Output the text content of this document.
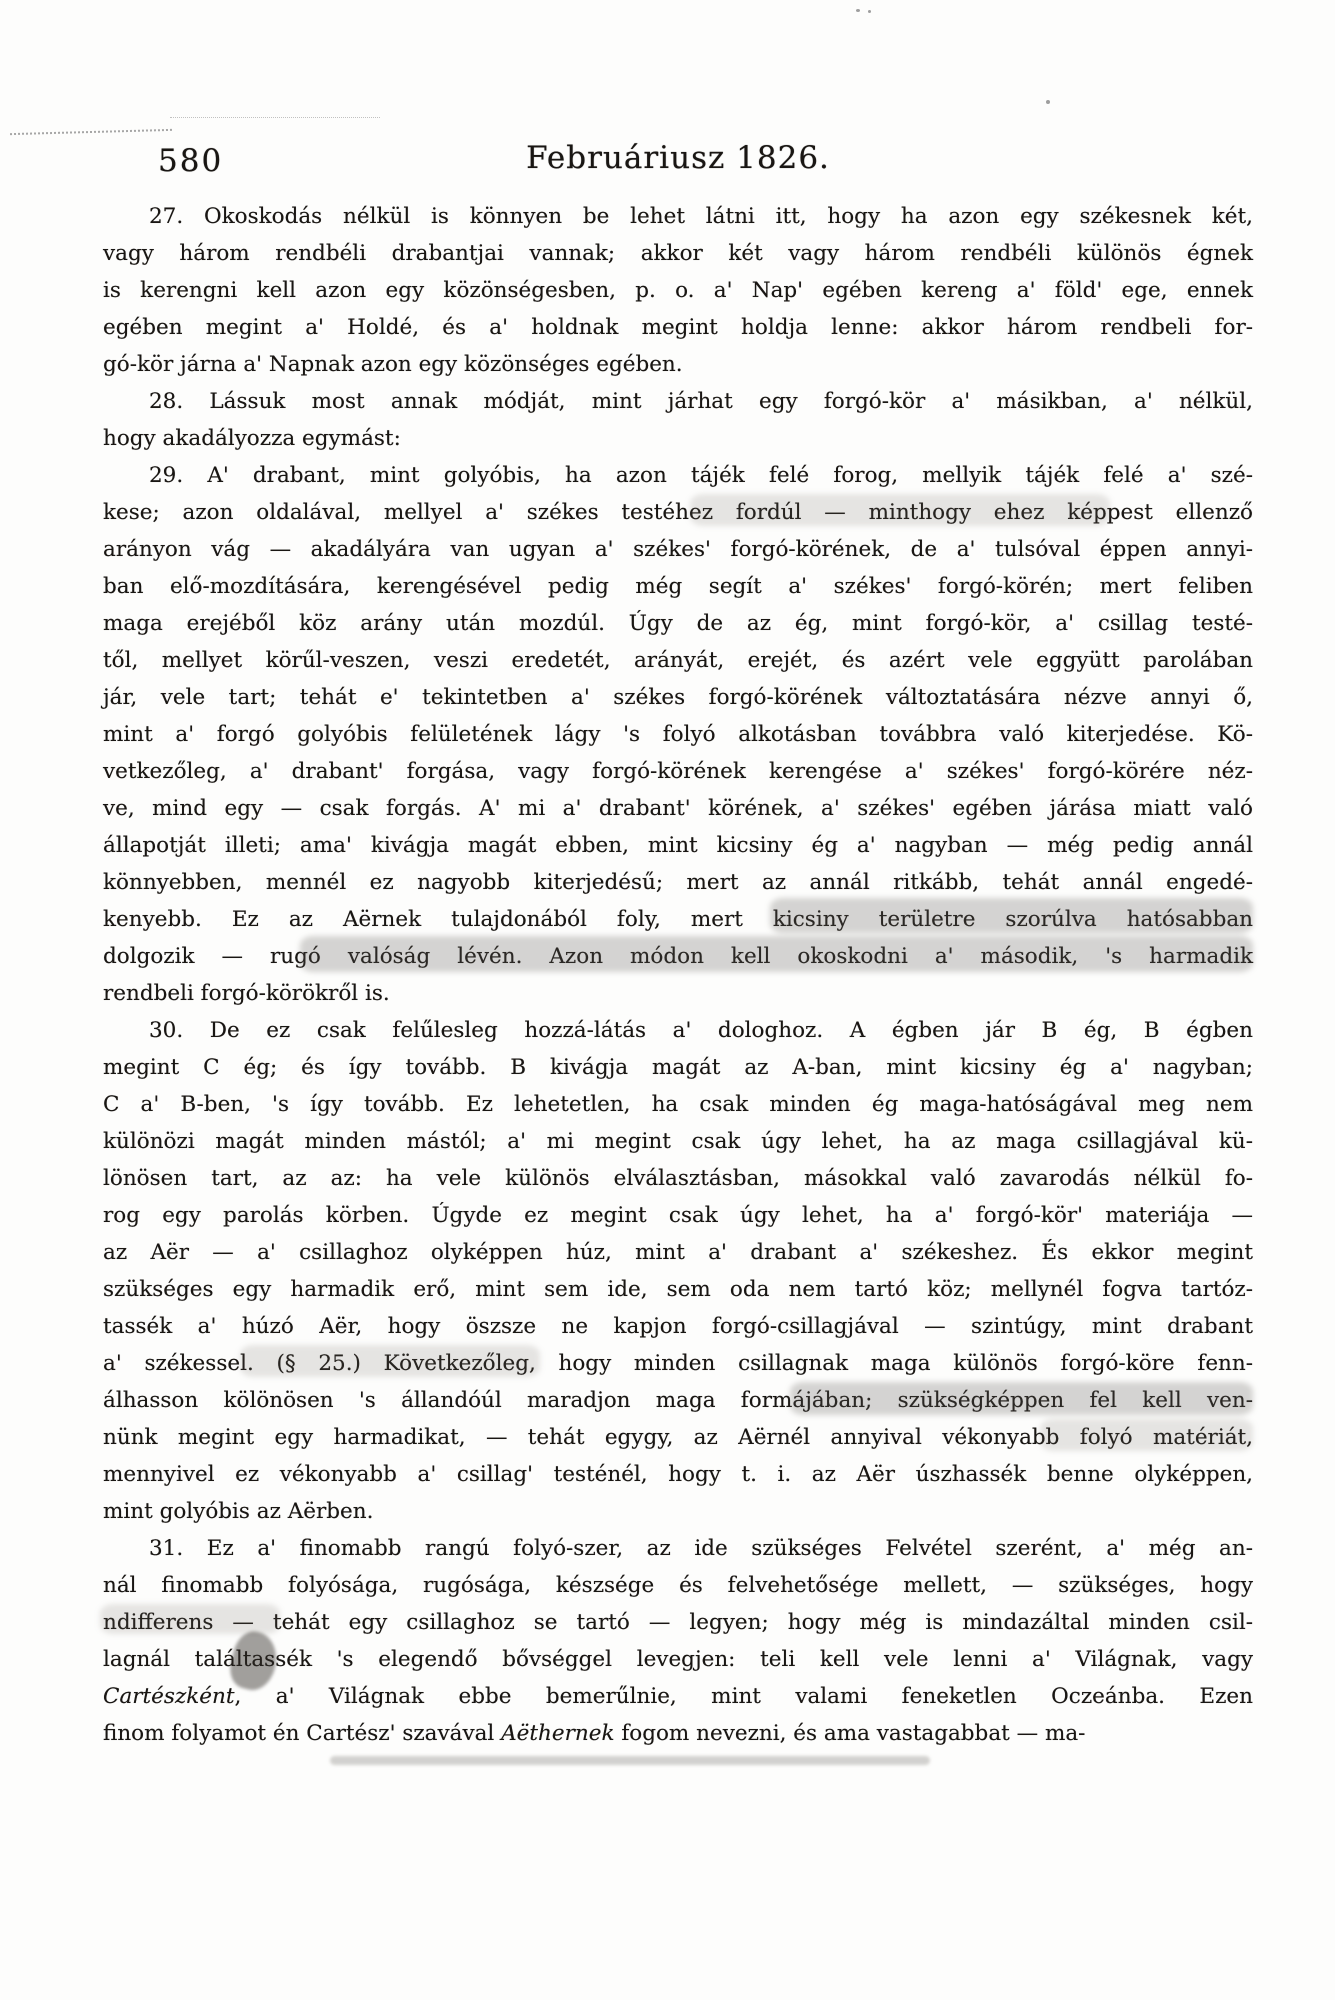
580	Februáriusz 1826.
27. Okoskodás nélkül is könnyen be lehet látni itt, hogy ha azon egy székesnek két,
vagy három rendbéli drabantjai vannak; akkor két vagy három rendbéli különös égnek
is kerengni kell azon egy közönségesben, p. o. a' Nap' egében kereng a' föld' ege, ennek
egében megint a' Holdé, és a' holdnak megint holdja lenne: akkor három rendbeli for-
gó-kör járna a' Napnak azon egy közönséges egében.
28. Lássuk most annak módját, mint járhat egy forgó-kör a' másikban, a' nélkül,
hogy akadályozza egymást:
29. A' drabant, mint golyóbis, ha azon tájék felé forog, mellyik tájék felé a' szé-
kese; azon oldalával, mellyel a' székes testéhez fordúl — minthogy ehez képpest ellenző
arányon vág — akadályára van ugyan a' székes' forgó-körének, de a' tulsóval éppen annyi-
ban elő-mozdítására, kerengésével pedig még segít a' székes' forgó-körén; mert feliben
maga erejéből köz arány után mozdúl. Úgy de az ég, mint forgó-kör, a' csillag testé-
től, mellyet körűl-veszen, veszi eredetét, arányát, erejét, és azért vele eggyütt parolában
jár, vele tart; tehát e' tekintetben a' székes forgó-körének változtatására nézve annyi ő,
mint a' forgó golyóbis felületének lágy 's folyó alkotásban továbbra való kiterjedése. Kö-
vetkezőleg, a' drabant' forgása, vagy forgó-körének kerengése a' székes' forgó-körére néz-
ve, mind egy — csak forgás. A' mi a' drabant' körének, a' székes' egében járása miatt való
állapotját illeti; ama' kivágja magát ebben, mint kicsiny ég a' nagyban — még pedig annál
könnyebben, mennél ez nagyobb kiterjedésű; mert az annál ritkább, tehát annál engedé-
kenyebb. Ez az Aërnek tulajdonából foly, mert kicsiny területre szorúlva hatósabban
dolgozik — rugó valóság lévén. Azon módon kell okoskodni a' második, 's harmadik
rendbeli forgó-körökről is.
30. De ez csak felűlesleg hozzá-látás a' dologhoz. A égben jár B ég, B égben
megint C ég; és így tovább. B kivágja magát az A-ban, mint kicsiny ég a' nagyban;
C a' B-ben, 's így tovább. Ez lehetetlen, ha csak minden ég maga-hatóságával meg nem
különözi magát minden mástól; a' mi megint csak úgy lehet, ha az maga csillagjával kü-
lönösen tart, az az: ha vele különös elválasztásban, másokkal való zavarodás nélkül fo-
rog egy parolás körben. Úgyde ez megint csak úgy lehet, ha a' forgó-kör' materiája —
az Aër — a' csillaghoz olyképpen húz, mint a' drabant a' székeshez. És ekkor megint
szükséges egy harmadik erő, mint sem ide, sem oda nem tartó köz; mellynél fogva tartóz-
tassék a' húzó Aër, hogy öszsze ne kapjon forgó-csillagjával — szintúgy, mint drabant
a' székessel. (§ 25.) Következőleg, hogy minden csillagnak maga különös forgó-köre fenn-
álhasson kölönösen 's állandóúl maradjon maga formájában; szükségképpen fel kell ven-
nünk megint egy harmadikat, — tehát egygy, az Aërnél annyival vékonyabb folyó matériát,
mennyivel ez vékonyabb a' csillag' testénél, hogy t. i. az Aër úszhassék benne olyképpen,
mint golyóbis az Aërben.
31. Ez a' finomabb rangú folyó-szer, az ide szükséges Felvétel szerént, a' még an-
nál finomabb folyósága, rugósága, készsége és felvehetősége mellett, — szükséges, hogy
ndifferens — tehát egy csillaghoz se tartó — legyen; hogy még is mindazáltal minden csil-
lagnál találtassék 's elegendő bővséggel levegjen: teli kell vele lenni a' Világnak, vagy
Cartészként, a' Világnak ebbe bemerűlnie, mint valami feneketlen Oczeánba. Ezen
finom folyamot én Cartész' szavával Aëthernek fogom nevezni, és ama vastagabbat — ma-
